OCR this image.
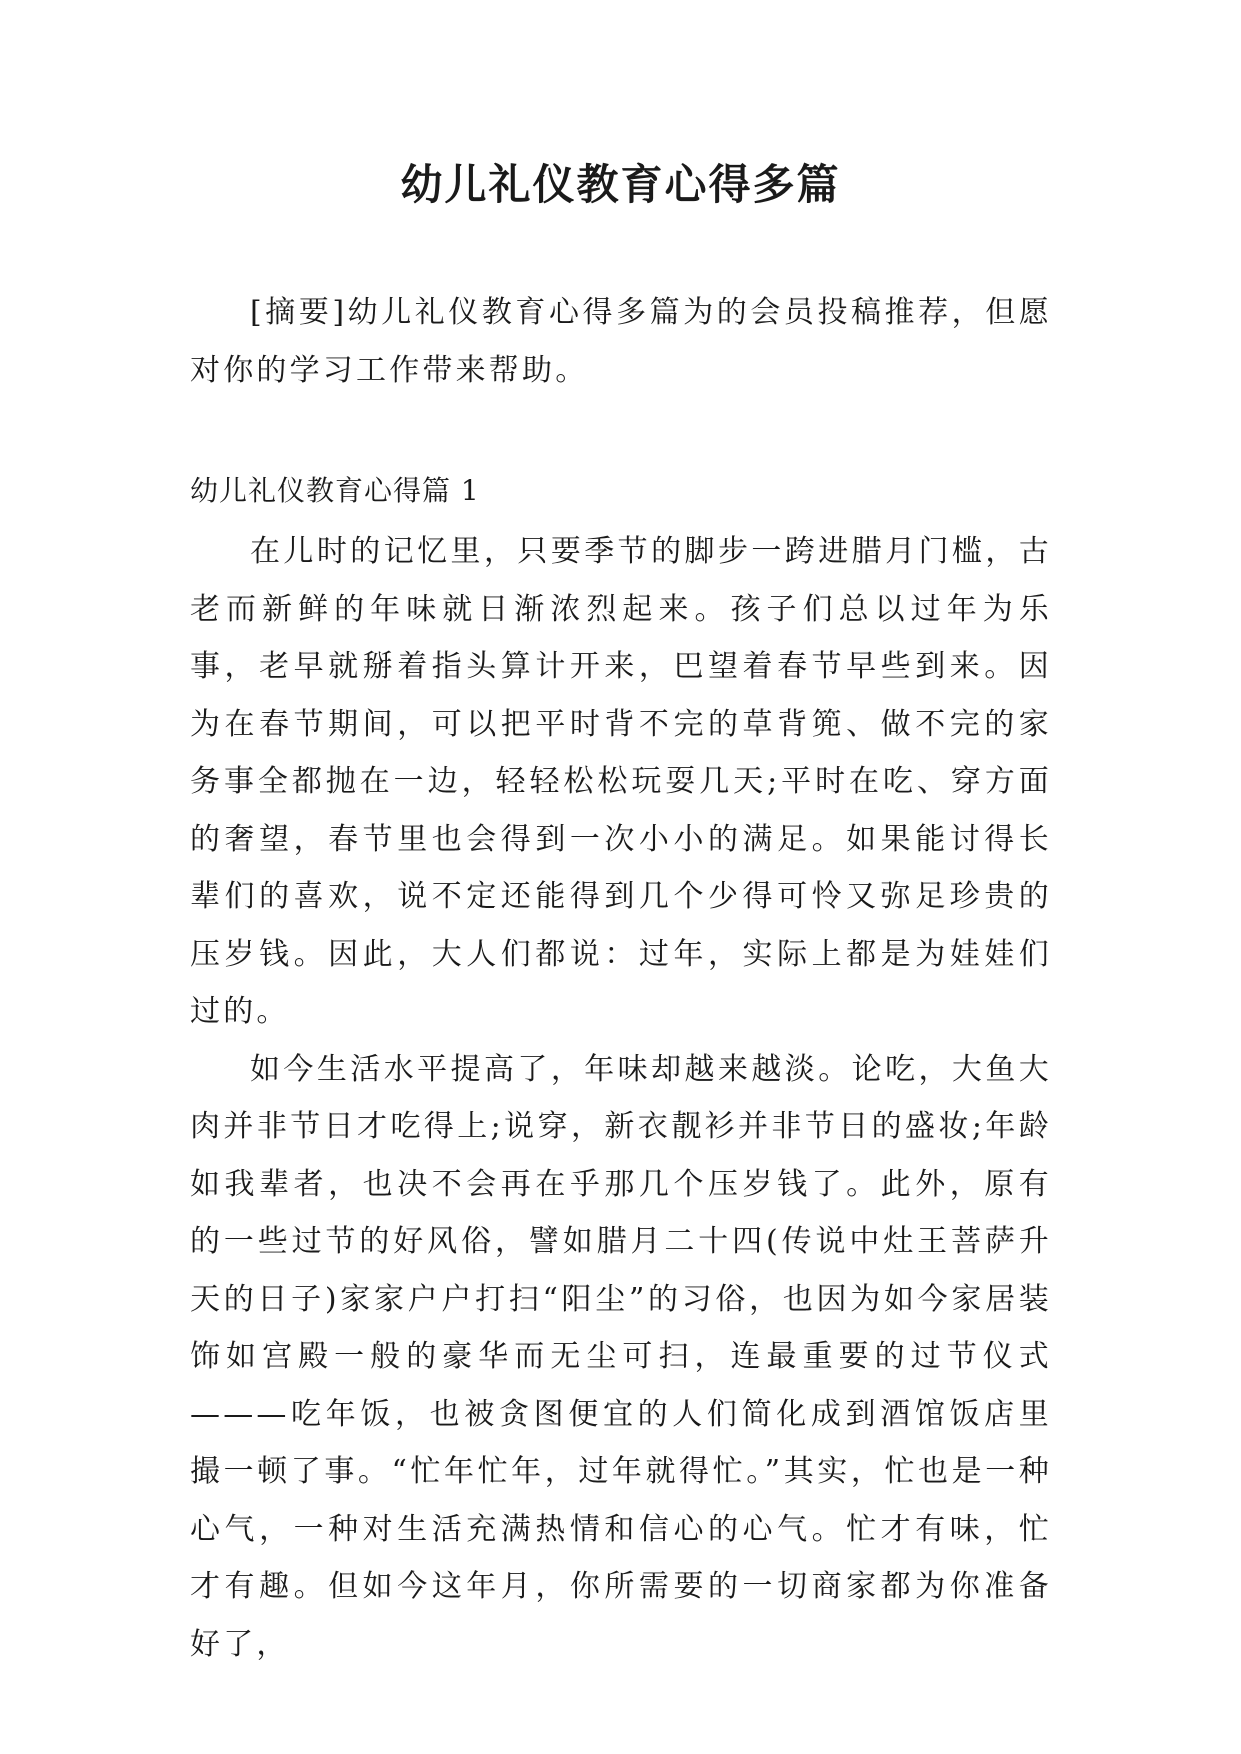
幼儿礼仪教育心得多篇

[摘要]幼儿礼仪教育心得多篇为的会员投稿推荐，但愿对你的学习工作带来帮助。

幼儿礼仪教育心得篇 1

在儿时的记忆里，只要季节的脚步一跨进腊月门槛，古老而新鲜的年味就日渐浓烈起来。孩子们总以过年为乐事，老早就掰着指头算计开来，巴望着春节早些到来。因为在春节期间，可以把平时背不完的草背篼、做不完的家务事全都抛在一边，轻轻松松玩耍几天;平时在吃、穿方面的奢望，春节里也会得到一次小小的满足。如果能讨得长辈们的喜欢，说不定还能得到几个少得可怜又弥足珍贵的压岁钱。因此，大人们都说：过年，实际上都是为娃娃们过的。

如今生活水平提高了，年味却越来越淡。论吃，大鱼大肉并非节日才吃得上;说穿，新衣靓衫并非节日的盛妆;年龄如我辈者，也决不会再在乎那几个压岁钱了。此外，原有的一些过节的好风俗，譬如腊月二十四(传说中灶王菩萨升天的日子)家家户户打扫“阳尘”的习俗，也因为如今家居装饰如宫殿一般的豪华而无尘可扫，连最重要的过节仪式———吃年饭，也被贪图便宜的人们简化成到酒馆饭店里撮一顿了事。“忙年忙年，过年就得忙。”其实，忙也是一种心气，一种对生活充满热情和信心的心气。忙才有味，忙才有趣。但如今这年月，你所需要的一切商家都为你准备好了，
